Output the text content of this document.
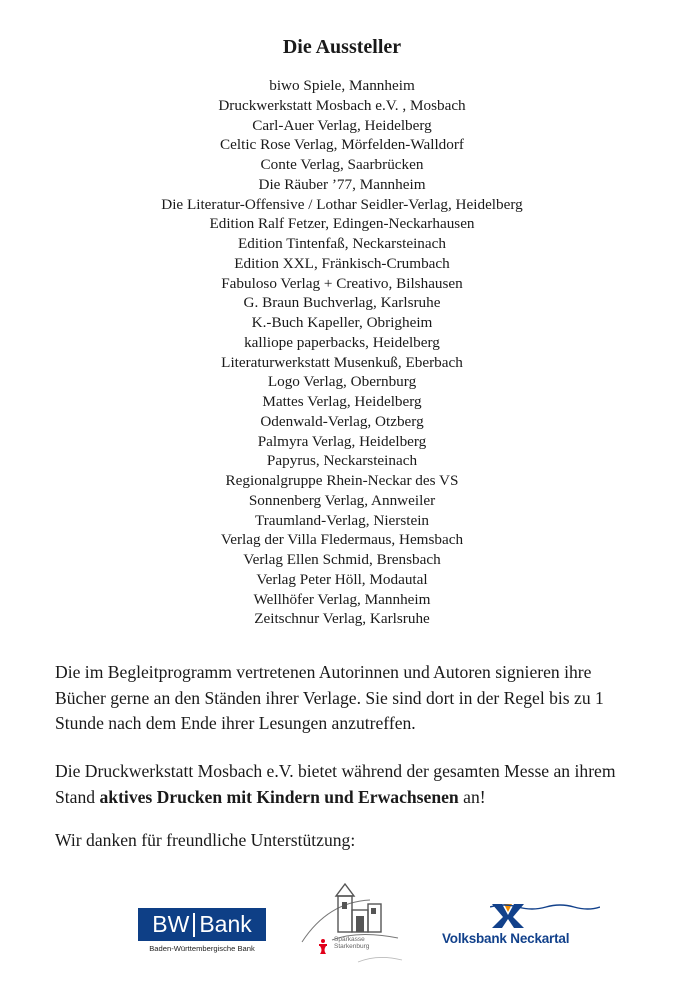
Die Aussteller
biwo Spiele, Mannheim
Druckwerkstatt Mosbach e.V. , Mosbach
Carl-Auer Verlag, Heidelberg
Celtic Rose Verlag, Mörfelden-Walldorf
Conte Verlag, Saarbrücken
Die Räuber ’77, Mannheim
Die Literatur-Offensive / Lothar Seidler-Verlag, Heidelberg
Edition Ralf Fetzer, Edingen-Neckarhausen
Edition Tintenfaß, Neckarsteinach
Edition XXL, Fränkisch-Crumbach
Fabuloso Verlag + Creativo, Bilshausen
G. Braun Buchverlag, Karlsruhe
K.-Buch Kapeller, Obrigheim
kalliope paperbacks, Heidelberg
Literaturwerkstatt Musenkuß, Eberbach
Logo Verlag, Obernburg
Mattes Verlag, Heidelberg
Odenwald-Verlag, Otzberg
Palmyra Verlag, Heidelberg
Papyrus, Neckarsteinach
Regionalgruppe Rhein-Neckar des VS
Sonnenberg Verlag, Annweiler
Traumland-Verlag, Nierstein
Verlag der Villa Fledermaus, Hemsbach
Verlag Ellen Schmid, Brensbach
Verlag Peter Höll, Modautal
Wellhöfer Verlag, Mannheim
Zeitschnur Verlag, Karlsruhe

Die im Begleitprogramm vertretenen Autorinnen und Autoren signieren ihre Bücher gerne an den Ständen ihrer Verlage. Sie sind dort in der Regel bis zu 1 Stunde nach dem Ende ihrer Lesungen anzutreffen.

Die Druckwerkstatt Mosbach e.V. bietet während der gesamten Messe an ihrem Stand aktives Drucken mit Kindern und Erwachsenen an!

Wir danken für freundliche Unterstützung:

BW Bank
Baden-Württembergische Bank
Sparkasse
Starkenburg
Volksbank Neckartal
